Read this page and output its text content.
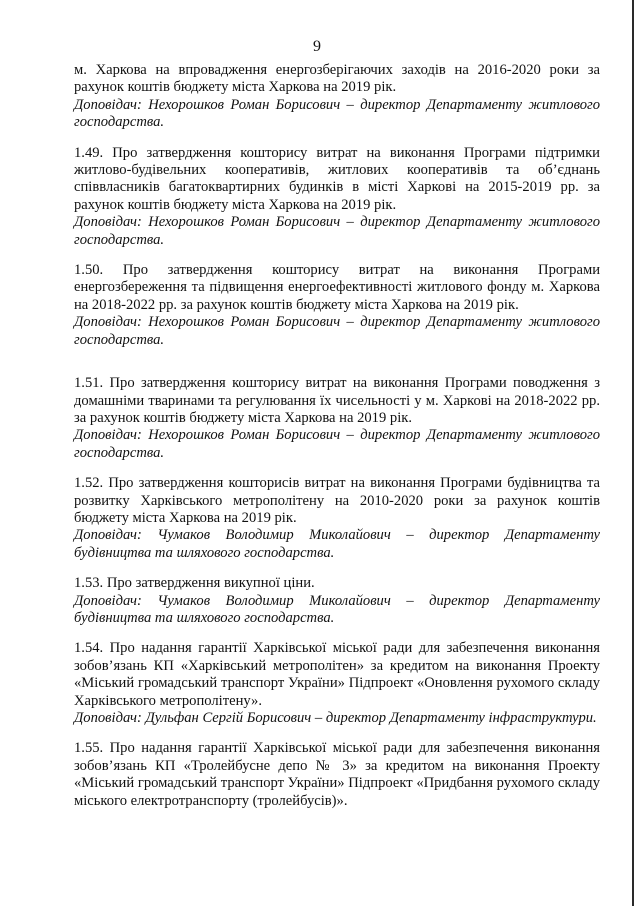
9

м. Харкова на впровадження енергозберігаючих заходів на 2016-2020 роки за рахунок коштів бюджету міста Харкова на 2019 рік.

Доповідач: Нехорошков Роман Борисович – директор Департаменту житлового господарства.

1.49. Про затвердження кошторису витрат на виконання Програми підтримки житлово-будівельних кооперативів, житлових кооперативів та об’єднань співвласників багатоквартирних будинків в місті Харкові на 2015-2019 рр. за рахунок коштів бюджету міста Харкова на 2019 рік.

Доповідач: Нехорошков Роман Борисович – директор Департаменту житлового господарства.

1.50. Про затвердження кошторису витрат на виконання Програми енергозбереження та підвищення енергоефективності житлового фонду м. Харкова на 2018-2022 рр. за рахунок коштів бюджету міста Харкова на 2019 рік.

Доповідач: Нехорошков Роман Борисович – директор Департаменту житлового господарства.

1.51. Про затвердження кошторису витрат на виконання Програми поводження з домашніми тваринами та регулювання їх чисельності у м. Харкові на 2018-2022 рр. за рахунок коштів бюджету міста Харкова на 2019 рік.

Доповідач: Нехорошков Роман Борисович – директор Департаменту житлового господарства.

1.52. Про затвердження кошторисів витрат на виконання Програми будівництва та розвитку Харківського метрополітену на 2010-2020 роки за рахунок коштів бюджету міста Харкова на 2019 рік.

Доповідач: Чумаков Володимир Миколайович – директор Департаменту будівництва та шляхового господарства.

1.53. Про затвердження викупної ціни.

Доповідач: Чумаков Володимир Миколайович – директор Департаменту будівництва та шляхового господарства.

1.54. Про надання гарантії Харківської міської ради для забезпечення виконання зобов’язань КП «Харківський метрополітен» за кредитом на виконання Проекту «Міський громадський транспорт України» Підпроект «Оновлення рухомого складу Харківського метрополітену».

Доповідач: Дульфан Сергій Борисович – директор Департаменту інфраструктури.

1.55. Про надання гарантії Харківської міської ради для забезпечення виконання зобов’язань КП «Тролейбусне депо № 3» за кредитом на виконання Проекту «Міський громадський транспорт України» Підпроект «Придбання рухомого складу міського електротранспорту (тролейбусів)».
